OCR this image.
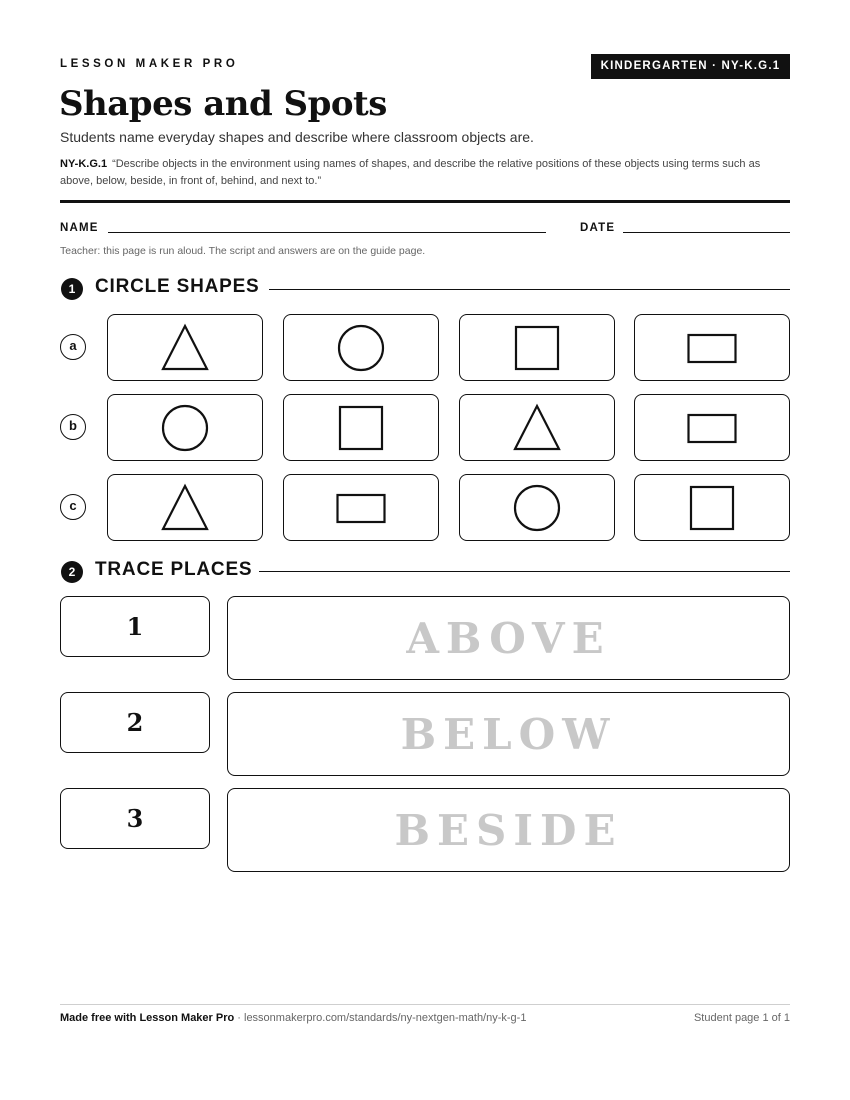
LESSON MAKER PRO	KINDERGARTEN · NY-K.G.1
Shapes and Spots
Students name everyday shapes and describe where classroom objects are.
NY-K.G.1 “Describe objects in the environment using names of shapes, and describe the relative positions of these objects using terms such as above, below, beside, in front of, behind, and next to.”
NAME	DATE
Teacher: this page is run aloud. The script and answers are on the guide page.
1	CIRCLE SHAPES
a
b
c
2	TRACE PLACES
1	ABOVE
2	BELOW
3	BESIDE
Made free with Lesson Maker Pro · lessonmakerpro.com/standards/ny-nextgen-math/ny-k-g-1	Student page 1 of 1
